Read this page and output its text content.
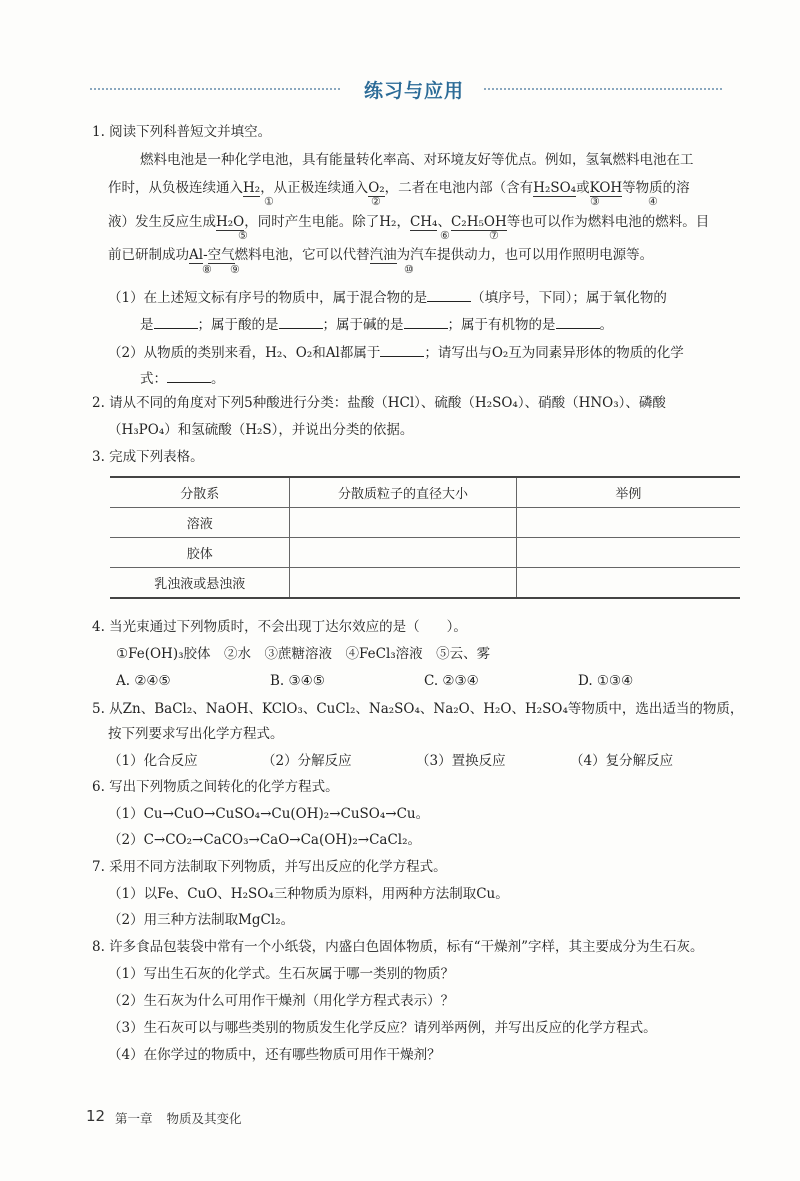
练习与应用
1. 阅读下列科普短文并填空。
燃料电池是一种化学电池，具有能量转化率高、对环境友好等优点。例如，氢氧燃料电池在工
作时，从负极连续通入H₂，从正极连续通入O₂，二者在电池内部（含有H₂SO₄或KOH等物质的溶
①	②	③	④
液）发生反应生成H₂O，同时产生电能。除了H₂，CH₄、C₂H₅OH等也可以作为燃料电池的燃料。目
⑤	⑥	⑦
前已研制成功Al-空气燃料电池，它可以代替汽油为汽车提供动力，也可以用作照明电源等。
⑧ ⑨	⑩
（1）在上述短文标有序号的物质中，属于混合物的是	（填序号，下同）；属于氧化物的
是	；属于酸的是	；属于碱的是	；属于有机物的是	。
（2）从物质的类别来看，H₂、O₂和Al都属于	；请写出与O₂互为同素异形体的物质的化学
式：	。
2. 请从不同的角度对下列5种酸进行分类：盐酸（HCl）、硫酸（H₂SO₄）、硝酸（HNO₃）、磷酸
（H₃PO₄）和氢硫酸（H₂S），并说出分类的依据。
3. 完成下列表格。
分散系	分散质粒子的直径大小	举例
溶液		
胶体		
乳浊液或悬浊液		
4. 当光束通过下列物质时，不会出现丁达尔效应的是（　　）。
①Fe(OH)₃胶体　②水　③蔗糖溶液　④FeCl₃溶液　⑤云、雾
A. ②④⑤	B. ③④⑤	C. ②③④	D. ①③④
5. 从Zn、BaCl₂、NaOH、KClO₃、CuCl₂、Na₂SO₄、Na₂O、H₂O、H₂SO₄等物质中，选出适当的物质，
按下列要求写出化学方程式。
（1）化合反应	（2）分解反应	（3）置换反应	（4）复分解反应
6. 写出下列物质之间转化的化学方程式。
（1）Cu→CuO→CuSO₄→Cu(OH)₂→CuSO₄→Cu。
（2）C→CO₂→CaCO₃→CaO→Ca(OH)₂→CaCl₂。
7. 采用不同方法制取下列物质，并写出反应的化学方程式。
（1）以Fe、CuO、H₂SO₄三种物质为原料，用两种方法制取Cu。
（2）用三种方法制取MgCl₂。
8. 许多食品包装袋中常有一个小纸袋，内盛白色固体物质，标有“干燥剂”字样，其主要成分为生石灰。
（1）写出生石灰的化学式。生石灰属于哪一类别的物质？
（2）生石灰为什么可用作干燥剂（用化学方程式表示）？
（3）生石灰可以与哪些类别的物质发生化学反应？请列举两例，并写出反应的化学方程式。
（4）在你学过的物质中，还有哪些物质可用作干燥剂？
12 第一章 物质及其变化
